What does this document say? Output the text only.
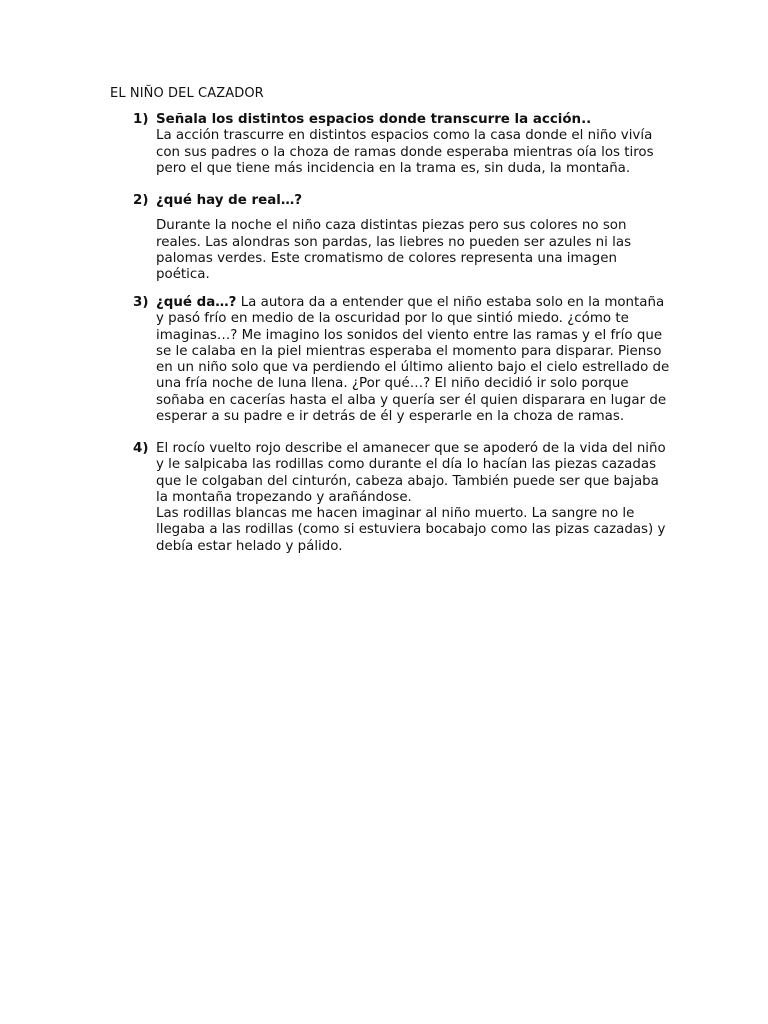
EL NIÑO DEL CAZADOR
1) Señala los distintos espacios donde transcurre la acción..

La acción trascurre en distintos espacios como la casa donde el niño vivía con sus padres o la choza de ramas donde esperaba mientras oía los tiros pero el que tiene más incidencia en la trama es, sin duda, la montaña.

2) ¿qué hay de real…?

Durante la noche el niño caza distintas piezas pero sus colores no son reales. Las alondras son pardas, las liebres no pueden ser azules ni las palomas verdes. Este cromatismo de colores representa una imagen poética.

3) ¿qué da…? La autora da a entender que el niño estaba solo en la montaña y pasó frío en medio de la oscuridad por lo que sintió miedo. ¿cómo te imaginas…? Me imagino los sonidos del viento entre las ramas y el frío que se le calaba en la piel mientras esperaba el momento para disparar. Pienso en un niño solo que va perdiendo el último aliento bajo el cielo estrellado de una fría noche de luna llena. ¿Por qué…? El niño decidió ir solo porque soñaba en cacerías hasta el alba y quería ser él quien disparara en lugar de esperar a su padre e ir detrás de él y esperarle en la choza de ramas.

4) El rocío vuelto rojo describe el amanecer que se apoderó de la vida del niño y le salpicaba las rodillas como durante el día lo hacían las piezas cazadas que le colgaban del cinturón, cabeza abajo. También puede ser que bajaba la montaña tropezando y arañándose.

Las rodillas blancas me hacen imaginar al niño muerto. La sangre no le llegaba a las rodillas (como si estuviera bocabajo como las pizas cazadas) y debía estar helado y pálido.
